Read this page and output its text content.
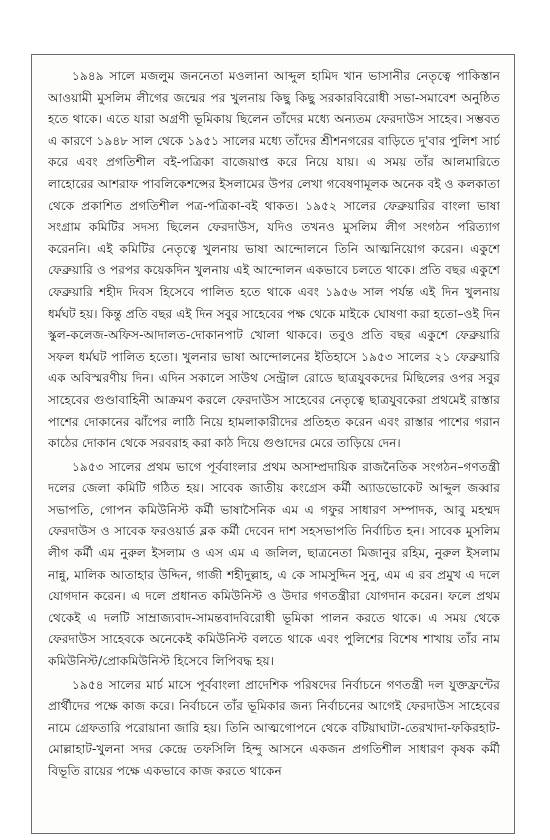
১৯৪৯ সালে মজলুম জননেতা মওলানা আব্দুল হামিদ খান ভাসানীর নেতৃত্বে পাকিস্তান আওয়ামী মুসলিম লীগের জন্মের পর খুলনায় কিছু কিছু সরকারবিরোধী সভা-সমাবেশ অনুষ্ঠিত হতে থাকে। এতে যারা অগ্রণী ভূমিকায় ছিলেন তাঁদের মধ্যে অন্যতম ফেরদাউস সাহেব। সম্ভবত এ কারণে ১৯৪৮ সাল থেকে ১৯৫১ সালের মধ্যে তাঁদের শ্রীশনগরের বাড়িতে দু'বার পুলিশ সার্চ করে এবং প্রগতিশীল বই-পত্রিকা বাজেয়াপ্ত করে নিয়ে যায়। এ সময় তাঁর আলমারিতে লাহোরের আশরাফ পাবলিকেশন্সের ইসলামের উপর লেখা গবেষণামূলক অনেক বই ও কলকাতা থেকে প্রকাশিত প্রগতিশীল পত্র-পত্রিকা-বই থাকত। ১৯৫২ সালের ফেব্রুয়ারির বাংলা ভাষা সংগ্রাম কমিটির সদস্য ছিলেন ফেরদাউস, যদিও তখনও মুসলিম লীগ সংগঠন পরিত্যাগ করেননি। এই কমিটির নেতৃত্বে খুলনায় ভাষা আন্দোলনে তিনি আত্মনিয়োগ করেন। একুশে ফেব্রুয়ারি ও পরপর কয়েকদিন খুলনায় এই আন্দোলন একভাবে চলতে থাকে। প্রতি বছর একুশে ফেব্রুয়ারি শহীদ দিবস হিসেবে পালিত হতে থাকে এবং ১৯৫৬ সাল পর্যন্ত এই দিন খুলনায় ধর্মঘট হয়। কিন্তু প্রতি বছর এই দিন সবুর সাহেবের পক্ষ থেকে মাইকে ঘোষণা করা হতো–ওই দিন স্কুল-কলেজ-অফিস-আদালত-দোকানপাট খোলা থাকবে। তবুও প্রতি বছর একুশে ফেব্রুয়ারি সফল ধর্মঘট পালিত হতো। খুলনার ভাষা আন্দোলনের ইতিহাসে ১৯৫৩ সালের ২১ ফেব্রুয়ারি এক অবিস্মরণীয় দিন। এদিন সকালে সাউথ সেন্ট্রাল রোডে ছাত্রযুবকদের মিছিলের ওপর সবুর সাহেবের গুণ্ডাবাহিনী আক্রমণ করলে ফেরদাউস সাহেবের নেতৃত্বে ছাত্রযুবকেরা প্রথমেই রাস্তার পাশের দোকানের ঝাঁপের লাঠি নিয়ে হামলাকারীদের প্রতিহত করেন এবং রাস্তার পাশের গরান কাঠের দোকান থেকে সরবরাহ করা কাঠ দিয়ে গুণ্ডাদের মেরে তাড়িয়ে দেন।

১৯৫৩ সালের প্রথম ভাগে পূর্ববাংলার প্রথম অসাম্প্রদায়িক রাজনৈতিক সংগঠন–গণতন্ত্রী দলের জেলা কমিটি গঠিত হয়। সাবেক জাতীয় কংগ্রেস কর্মী অ্যাডভোকেট আব্দুল জব্বার সভাপতি, গোপন কমিউনিস্ট কর্মী ভাষাসৈনিক এম এ গফুর সাধারণ সম্পাদক, আবু মহম্মদ ফেরদাউস ও সাবেক ফরওয়ার্ড ব্লক কর্মী দেবেন দাশ সহসভাপতি নির্বাচিত হন। সাবেক মুসলিম লীগ কর্মী এম নুরুল ইসলাম ও এস এম এ জলিল, ছাত্রনেতা মিজানুর রহিম, নুরুল ইসলাম নান্নু, মালিক আতাহার উদ্দিন, গাজী শহীদুল্লাহ, এ কে সামসুদ্দিন সুনু, এম এ রব প্রমুখ এ দলে যোগদান করেন। এ দলে প্রধানত কমিউনিস্ট ও উদার গণতন্ত্রীরা যোগদান করেন। ফলে প্রথম থেকেই এ দলটি সাম্রাজ্যবাদ-সামন্তবাদবিরোধী ভূমিকা পালন করতে থাকে। এ সময় থেকে ফেরদাউস সাহেবকে অনেকেই কমিউনিস্ট বলতে থাকে এবং পুলিশের বিশেষ শাখায় তাঁর নাম কমিউনিস্ট/প্রোকমিউনিস্ট হিসেবে লিপিবদ্ধ হয়।

১৯৫৪ সালের মার্চ মাসে পূর্ববাংলা প্রাদেশিক পরিষদের নির্বাচনে গণতন্ত্রী দল যুক্তফ্রন্টের প্রার্থীদের পক্ষে কাজ করে। নির্বাচনে তাঁর ভূমিকার জন্য নির্বাচনের আগেই ফেরদাউস সাহেবের নামে গ্রেফতারি পরোয়ানা জারি হয়। তিনি আত্মগোপনে থেকে বটিয়াঘাটা-তেরখাদা-ফকিরহাট-মোল্লাহাট-খুলনা সদর কেন্দ্রে তফসিলি হিন্দু আসনে একজন প্রগতিশীল সাধারণ কৃষক কর্মী বিভূতি রায়ের পক্ষে একভাবে কাজ করতে থাকেন
